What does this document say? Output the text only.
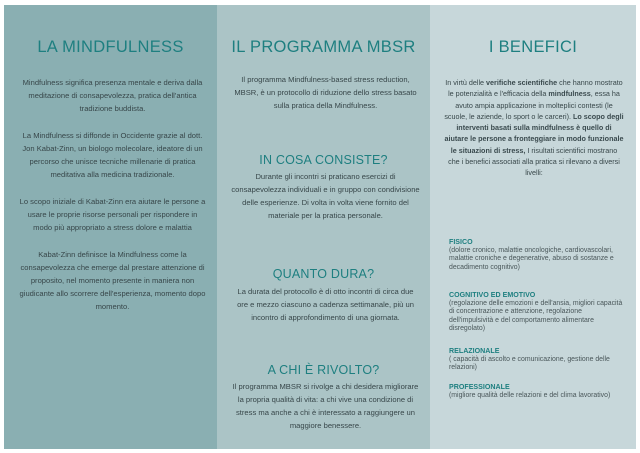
LA MINDFULNESS

Mindfulness significa presenza mentale e deriva dalla meditazione di consapevolezza, pratica dell'antica tradizione buddista.

La Mindfulness si diffonde in Occidente grazie al dott. Jon Kabat-Zinn, un biologo molecolare, ideatore di un percorso che unisce tecniche millenarie di pratica meditativa alla medicina tradizionale.

Lo scopo iniziale di Kabat-Zinn era aiutare le persone a usare le proprie risorse personali per rispondere in modo più appropriato a stress dolore e malattia

Kabat-Zinn definisce la Mindfulness come la consapevolezza che emerge dal prestare attenzione di proposito, nel momento presente in maniera non giudicante allo scorrere dell'esperienza, momento dopo momento.

IL PROGRAMMA MBSR

Il programma Mindfulness-based stress reduction, MBSR, è un protocollo di riduzione dello stress basato sulla pratica della Mindfulness.

IN COSA CONSISTE?

Durante gli incontri si praticano esercizi di consapevolezza individuali e in gruppo con condivisione delle esperienze. Di volta in volta viene fornito del materiale per la pratica personale.

QUANTO DURA?

La durata del protocollo è di otto incontri di circa due ore e mezzo ciascuno a cadenza settimanale, più un incontro di approfondimento di una giornata.

A CHI È RIVOLTO?

Il programma MBSR si rivolge a chi desidera migliorare la propria qualità di vita: a chi vive una condizione di stress ma anche a chi è interessato a raggiungere un maggiore benessere.

I BENEFICI

In virtù delle verifiche scientifiche che hanno mostrato le potenzialità e l'efficacia della mindfulness, essa ha avuto ampia applicazione in molteplici contesti (le scuole, le aziende, lo sport o le carceri). Lo scopo degli interventi basati sulla mindfulness è quello di aiutare le persone a fronteggiare in modo funzionale le situazioni di stress, I risultati scientifici mostrano che i benefici associati alla pratica si rilevano a diversi livelli:

FISICO
(dolore cronico, malattie oncologiche, cardiovascolari, malattie croniche e degenerative, abuso di sostanze e decadimento cognitivo)
COGNITIVO ED EMOTIVO
(regolazione delle emozioni e dell'ansia, migliori capacità di concentrazione e attenzione, regolazione dell'impulsività e del comportamento alimentare disregolato)
RELAZIONALE
( capacità di ascolto e comunicazione, gestione delle relazioni)
PROFESSIONALE
(migliore qualità delle relazioni e del clima lavorativo)
